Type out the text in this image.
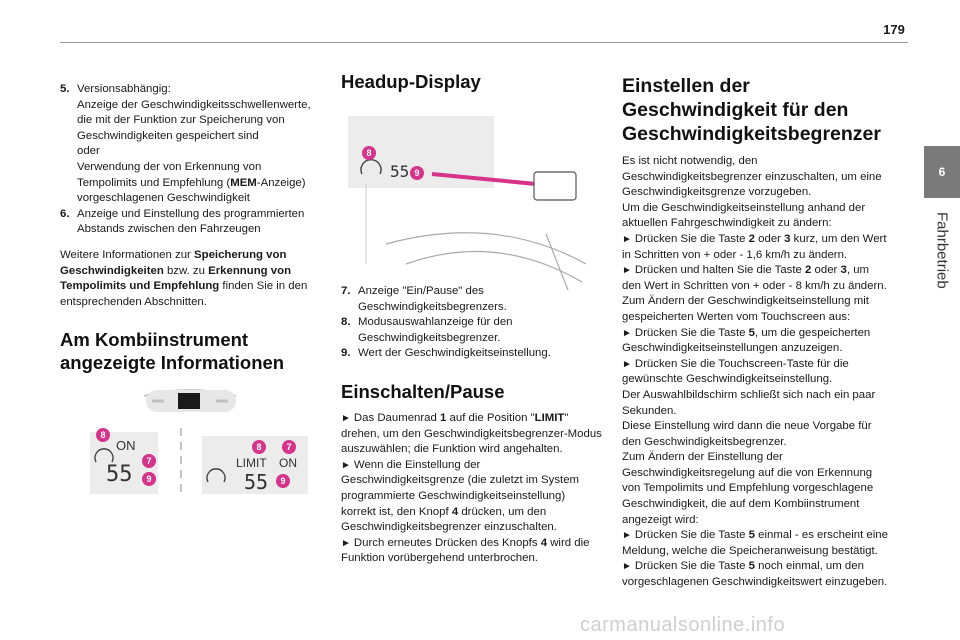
179
6
Fahrbetrieb
5. Versionsabhängig:
Anzeige der Geschwindigkeitsschwellenwerte, die mit der Funktion zur Speicherung von Geschwindigkeiten gespeichert sind
oder
Verwendung der von Erkennung von Tempolimits und Empfehlung (MEM-Anzeige) vorgeschlagenen Geschwindigkeit
6. Anzeige und Einstellung des programmierten Abstands zwischen den Fahrzeugen
Weitere Informationen zur Speicherung von Geschwindigkeiten bzw. zu Erkennung von Tempolimits und Empfehlung finden Sie in den entsprechenden Abschnitten.
Am Kombiinstrument angezeigte Informationen
ON
55
8
7
9
LIMIT ON
55
8	7
9
Headup-Display
55
8
9
7. Anzeige "Ein/Pause" des Geschwindigkeitsbegrenzers.
8. Modusauswahlanzeige für den Geschwindigkeitsbegrenzer.
9. Wert der Geschwindigkeitseinstellung.
Einschalten/Pause
► Das Daumenrad 1 auf die Position "LIMIT" drehen, um den Geschwindigkeitsbegrenzer-Modus auszuwählen; die Funktion wird angehalten.
► Wenn die Einstellung der Geschwindigkeitsgrenze (die zuletzt im System programmierte Geschwindigkeitseinstellung) korrekt ist, den Knopf 4 drücken, um den Geschwindigkeitsbegrenzer einzuschalten.
► Durch erneutes Drücken des Knopfs 4 wird die Funktion vorübergehend unterbrochen.
Einstellen der Geschwindigkeit für den Geschwindigkeitsbegrenzer
Es ist nicht notwendig, den Geschwindigkeitsbegrenzer einzuschalten, um eine Geschwindigkeitsgrenze vorzugeben.
Um die Geschwindigkeitseinstellung anhand der aktuellen Fahrgeschwindigkeit zu ändern:
► Drücken Sie die Taste 2 oder 3 kurz, um den Wert in Schritten von + oder - 1,6 km/h zu ändern.
► Drücken und halten Sie die Taste 2 oder 3, um den Wert in Schritten von + oder - 8 km/h zu ändern.
Zum Ändern der Geschwindigkeitseinstellung mit gespeicherten Werten vom Touchscreen aus:
► Drücken Sie die Taste 5, um die gespeicherten Geschwindigkeitseinstellungen anzuzeigen.
► Drücken Sie die Touchscreen-Taste für die gewünschte Geschwindigkeitseinstellung.
Der Auswahlbildschirm schließt sich nach ein paar Sekunden.
Diese Einstellung wird dann die neue Vorgabe für den Geschwindigkeitsbegrenzer.
Zum Ändern der Einstellung der Geschwindigkeitsregelung auf die von Erkennung von Tempolimits und Empfehlung vorgeschlagene Geschwindigkeit, die auf dem Kombiinstrument angezeigt wird:
► Drücken Sie die Taste 5 einmal - es erscheint eine Meldung, welche die Speicheranweisung bestätigt.
► Drücken Sie die Taste 5 noch einmal, um den vorgeschlagenen Geschwindigkeitswert einzugeben.
carmanualsonline.info
